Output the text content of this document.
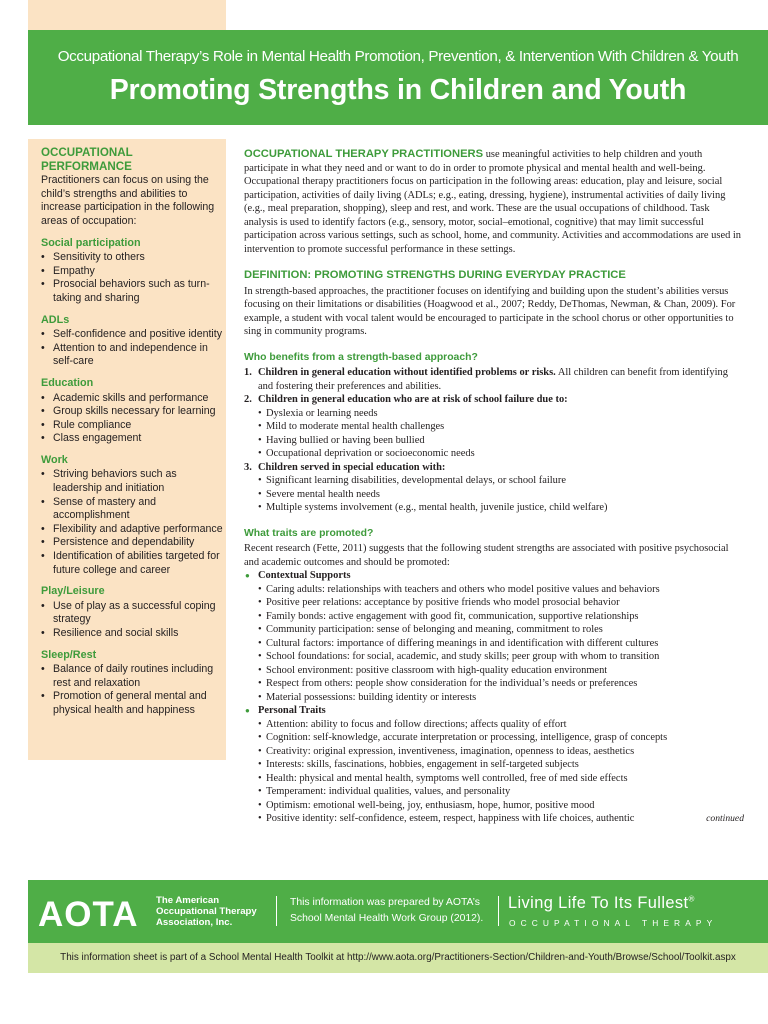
Occupational Therapy’s Role in Mental Health Promotion, Prevention, & Intervention With Children & Youth
Promoting Strengths in Children and Youth
OCCUPATIONAL PERFORMANCE
Practitioners can focus on using the child’s strengths and abilities to increase participation in the following areas of occupation:
Social participation
• Sensitivity to others
• Empathy
• Prosocial behaviors such as turn-taking and sharing
ADLs
• Self-confidence and positive identity
• Attention to and independence in self-care
Education
• Academic skills and performance
• Group skills necessary for learning
• Rule compliance
• Class engagement
Work
• Striving behaviors such as leadership and initiation
• Sense of mastery and accomplishment
• Flexibility and adaptive performance
• Persistence and dependability
• Identification of abilities targeted for future college and career
Play/Leisure
• Use of play as a successful coping strategy
• Resilience and social skills
Sleep/Rest
• Balance of daily routines including rest and relaxation
• Promotion of general mental and physical health and happiness

OCCUPATIONAL THERAPY PRACTITIONERS use meaningful activities to help children and youth participate in what they need and or want to do in order to promote physical and mental health and well-being. Occupational therapy practitioners focus on participation in the following areas: education, play and leisure, social participation, activities of daily living (ADLs; e.g., eating, dressing, hygiene), instrumental activities of daily living (e.g., meal preparation, shopping), sleep and rest, and work. These are the usual occupations of childhood. Task analysis is used to identify factors (e.g., sensory, motor, social–emotional, cognitive) that may limit successful participation across various settings, such as school, home, and community. Activities and accommodations are used in intervention to promote successful performance in these settings.

DEFINITION: PROMOTING STRENGTHS DURING EVERYDAY PRACTICE

In strength-based approaches, the practitioner focuses on identifying and building upon the student’s abilities versus focusing on their limitations or disabilities (Hoagwood et al., 2007; Reddy, DeThomas, Newman, & Chan, 2009). For example, a student with vocal talent would be encouraged to participate in the school chorus or other opportunities to sing in community programs.

Who benefits from a strength-based approach?
1. Children in general education without identified problems or risks. All children can benefit from identifying and fostering their preferences and abilities.
2. Children in general education who are at risk of school failure due to:
• Dyslexia or learning needs
• Mild to moderate mental health challenges
• Having bullied or having been bullied
• Occupational deprivation or socioeconomic needs
3. Children served in special education with:
• Significant learning disabilities, developmental delays, or school failure
• Severe mental health needs
• Multiple systems involvement (e.g., mental health, juvenile justice, child welfare)
What traits are promoted?

Recent research (Fette, 2011) suggests that the following student strengths are associated with positive psychosocial and academic outcomes and should be promoted:

● Contextual Supports
• Caring adults: relationships with teachers and others who model positive values and behaviors
• Positive peer relations: acceptance by positive friends who model prosocial behavior
• Family bonds: active engagement with good fit, communication, supportive relationships
• Community participation: sense of belonging and meaning, commitment to roles
• Cultural factors: importance of differing meanings in and identification with different cultures
• School foundations: for social, academic, and study skills; peer group with whom to transition
• School environment: positive classroom with high-quality education environment
• Respect from others: people show consideration for the individual’s needs or preferences
• Material possessions: building identity or interests
● Personal Traits
• Attention: ability to focus and follow directions; affects quality of effort
• Cognition: self-knowledge, accurate interpretation or processing, intelligence, grasp of concepts
• Creativity: original expression, inventiveness, imagination, openness to ideas, aesthetics
• Interests: skills, fascinations, hobbies, engagement in self-targeted subjects
• Health: physical and mental health, symptoms well controlled, free of med side effects
• Temperament: individual qualities, values, and personality
• Optimism: emotional well-being, joy, enthusiasm, hope, humor, positive mood
• Positive identity: self-confidence, esteem, respect, happiness with life choices, authentic	continued
AOTA The American
Occupational Therapy
Association, Inc.
This information was prepared by AOTA’s
School Mental Health Work Group (2012).
Living Life To Its Fullest®
OCCUPATIONAL THERAPY
This information sheet is part of a School Mental Health Toolkit at http://www.aota.org/Practitioners-Section/Children-and-Youth/Browse/School/Toolkit.aspx
